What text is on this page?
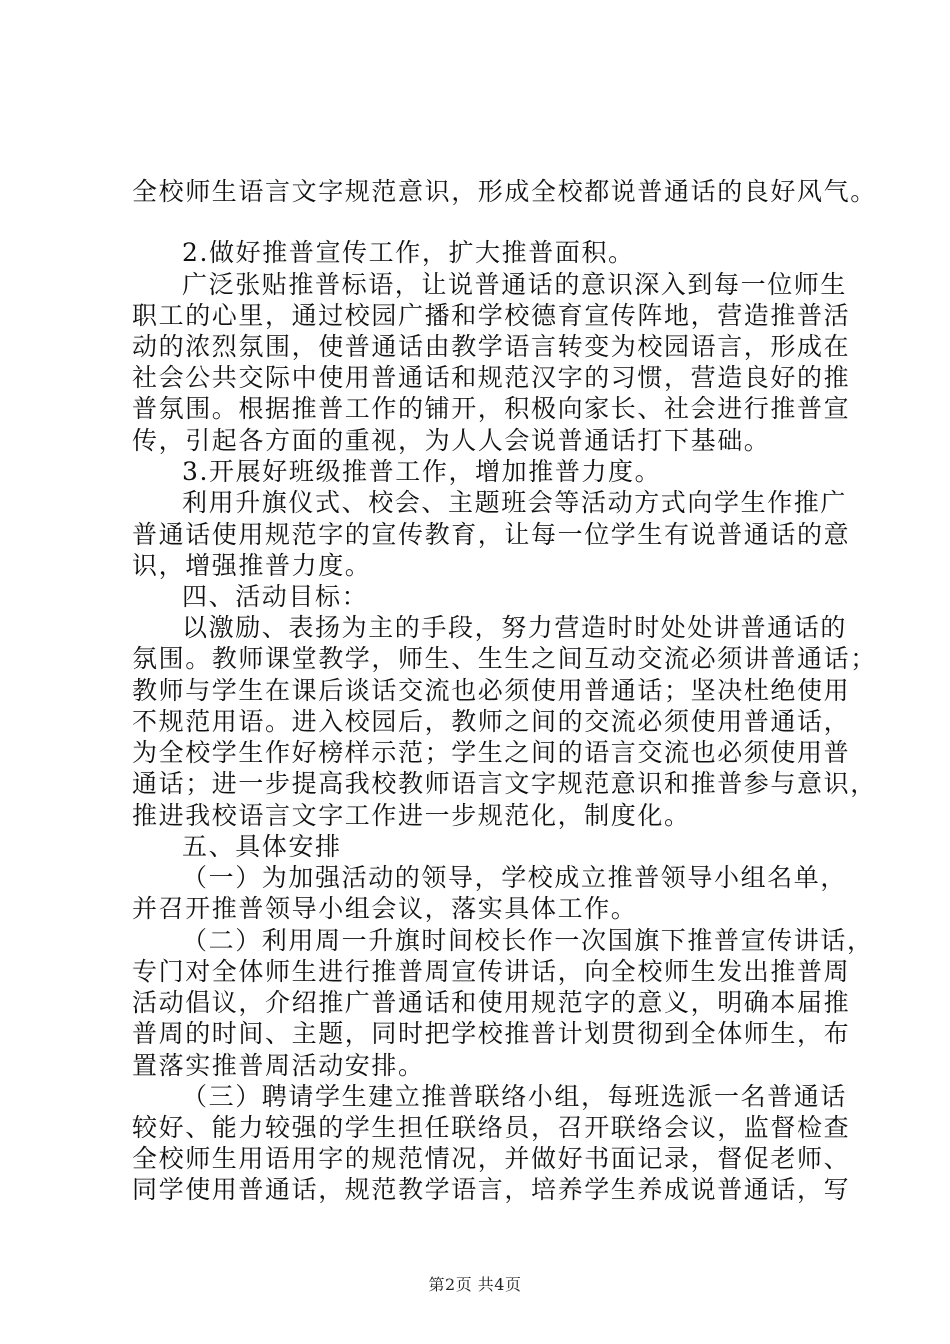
全校师生语言文字规范意识，形成全校都说普通话的良好风气。
2.做好推普宣传工作，扩大推普面积。
广泛张贴推普标语，让说普通话的意识深入到每一位师生
职工的心里，通过校园广播和学校德育宣传阵地，营造推普活
动的浓烈氛围，使普通话由教学语言转变为校园语言，形成在
社会公共交际中使用普通话和规范汉字的习惯，营造良好的推
普氛围。根据推普工作的铺开，积极向家长、社会进行推普宣
传，引起各方面的重视，为人人会说普通话打下基础。
3.开展好班级推普工作，增加推普力度。
利用升旗仪式、校会、主题班会等活动方式向学生作推广
普通话使用规范字的宣传教育，让每一位学生有说普通话的意
识，增强推普力度。
四、活动目标：
以激励、表扬为主的手段，努力营造时时处处讲普通话的
氛围。教师课堂教学，师生、生生之间互动交流必须讲普通话；
教师与学生在课后谈话交流也必须使用普通话；坚决杜绝使用
不规范用语。进入校园后，教师之间的交流必须使用普通话，
为全校学生作好榜样示范；学生之间的语言交流也必须使用普
通话；进一步提高我校教师语言文字规范意识和推普参与意识，
推进我校语言文字工作进一步规范化，制度化。
五、具体安排
（一）为加强活动的领导，学校成立推普领导小组名单，
并召开推普领导小组会议，落实具体工作。
（二）利用周一升旗时间校长作一次国旗下推普宣传讲话，
专门对全体师生进行推普周宣传讲话，向全校师生发出推普周
活动倡议，介绍推广普通话和使用规范字的意义，明确本届推
普周的时间、主题，同时把学校推普计划贯彻到全体师生，布
置落实推普周活动安排。
（三）聘请学生建立推普联络小组，每班选派一名普通话
较好、能力较强的学生担任联络员，召开联络会议，监督检查
全校师生用语用字的规范情况，并做好书面记录，督促老师、
同学使用普通话，规范教学语言，培养学生养成说普通话，写
第2页 共4页
